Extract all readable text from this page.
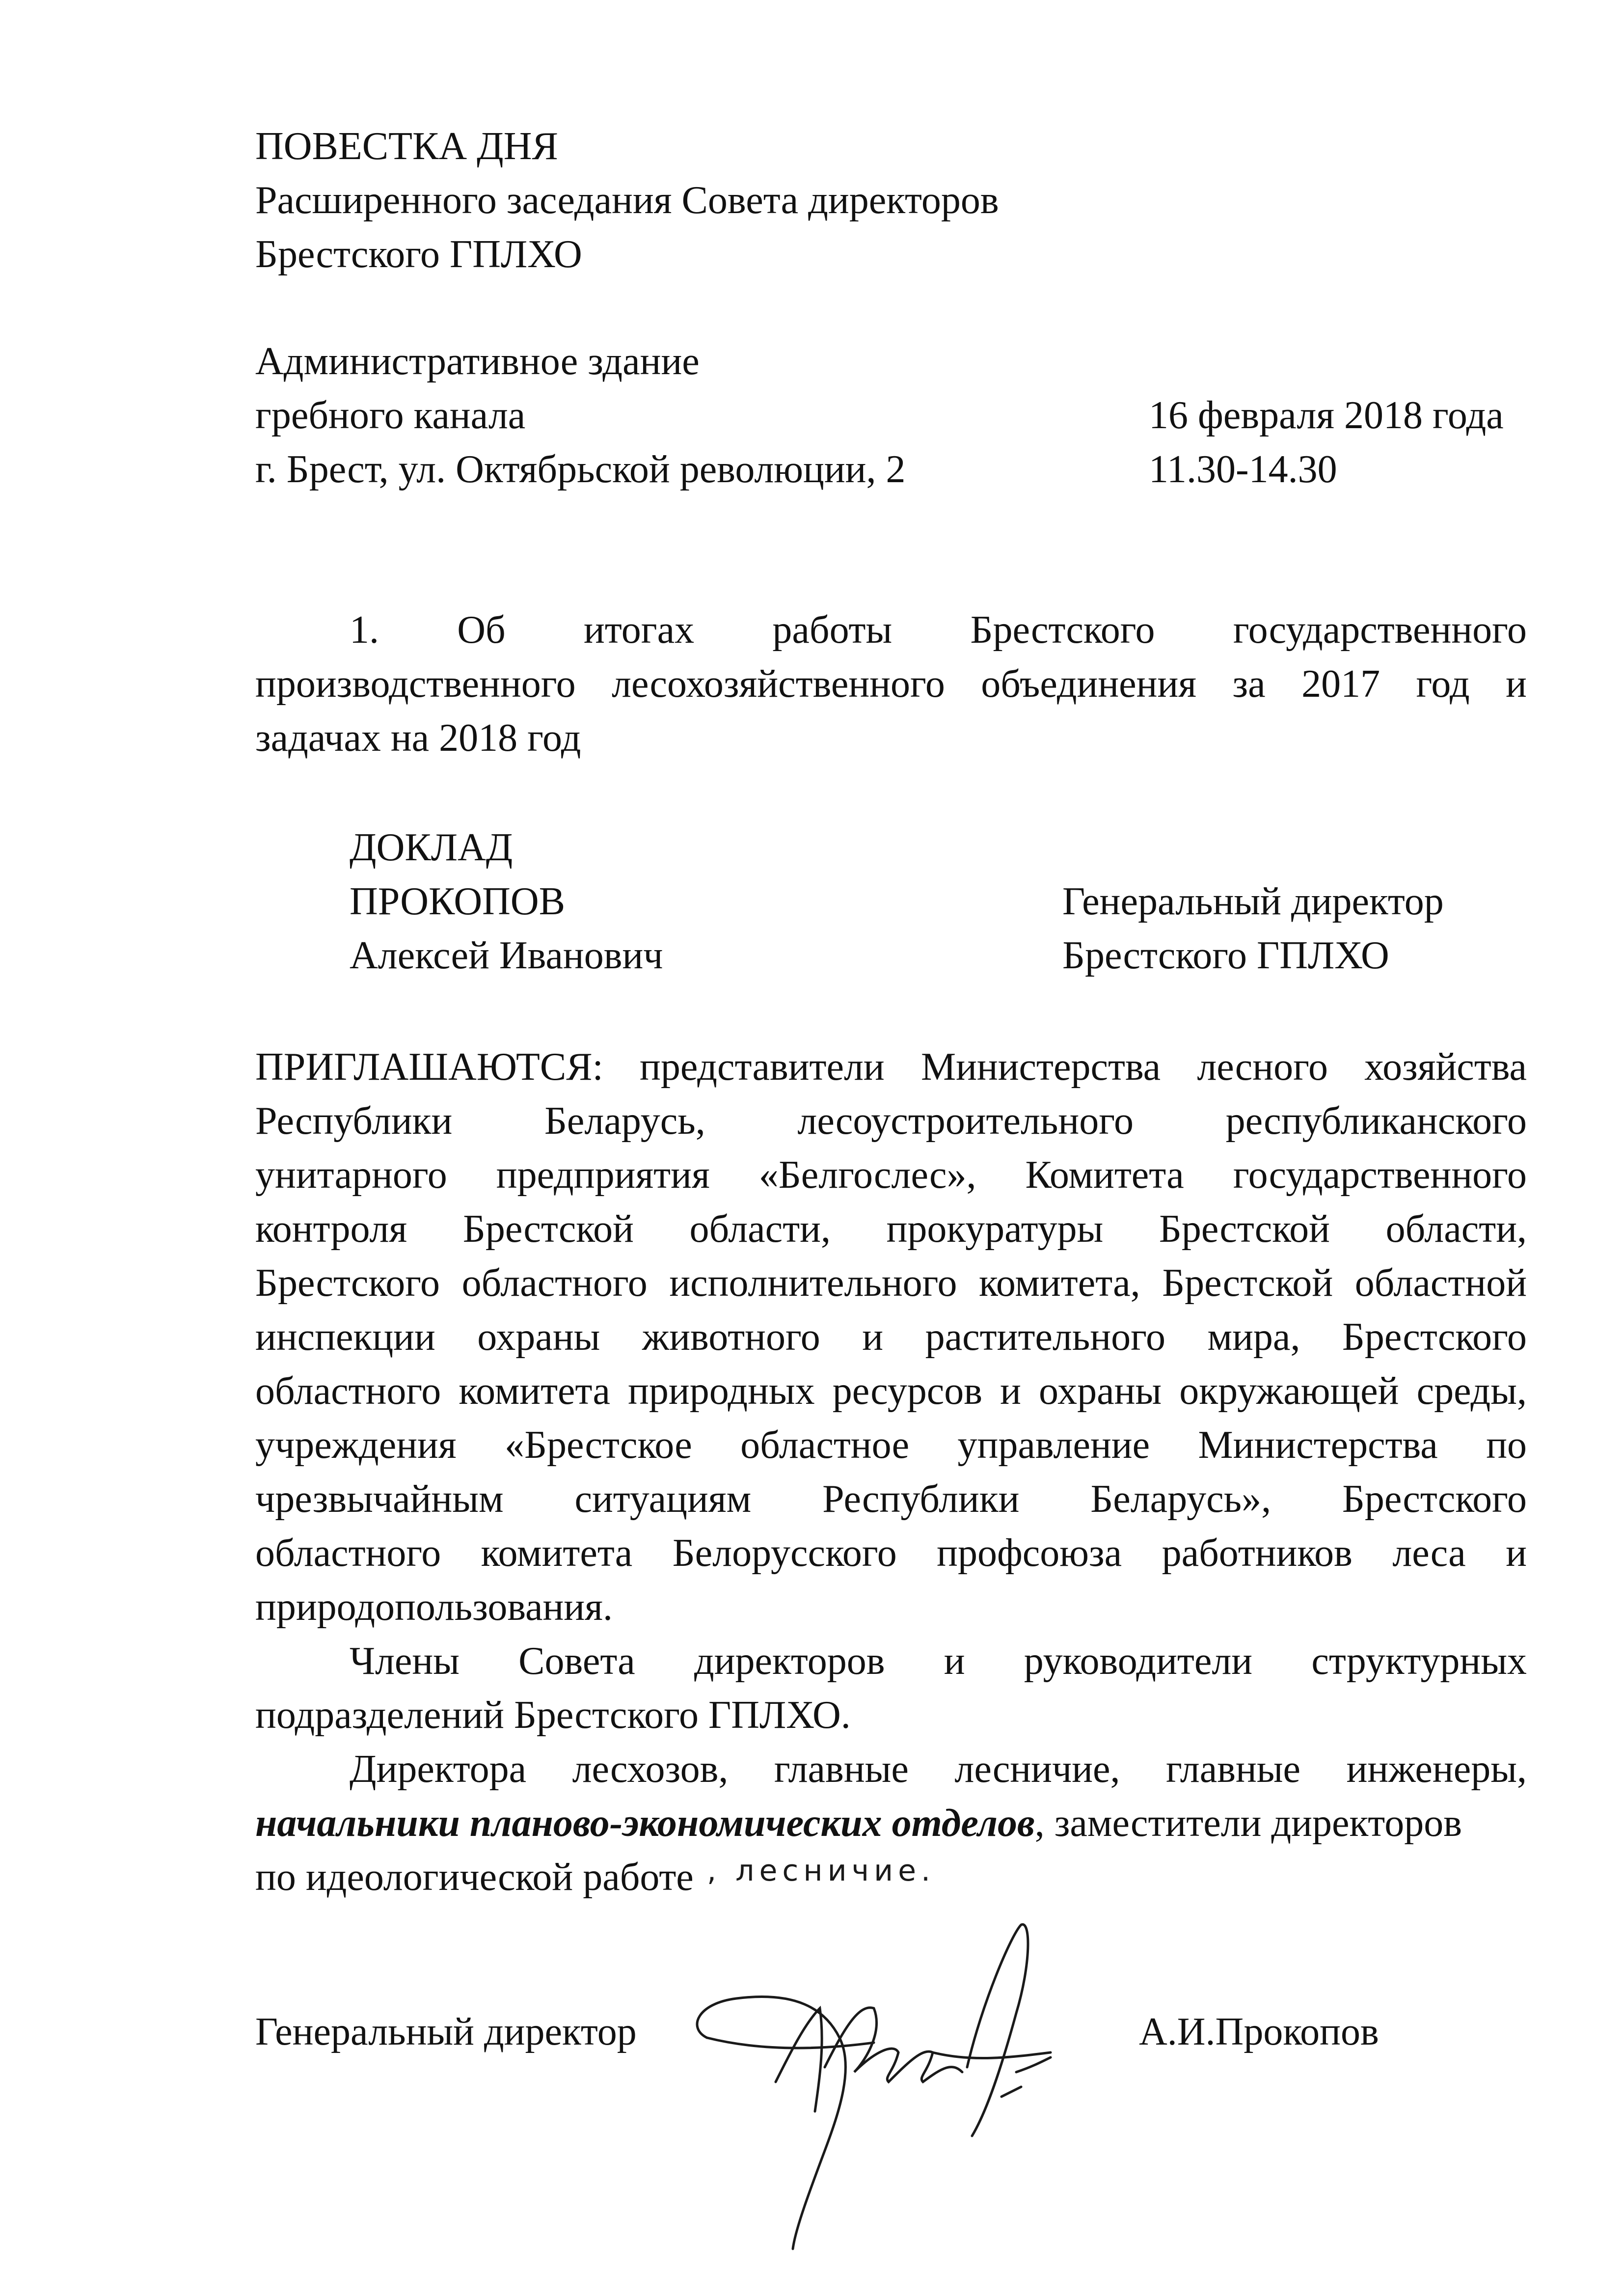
ПОВЕСТКА ДНЯ
Расширенного заседания Совета директоров
Брестского ГПЛХО
Административное здание
гребного канала
г. Брест, ул. Октябрьской революции, 2
16 февраля 2018 года
11.30-14.30
1. Об итогах работы Брестского государственного
производственного лесохозяйственного объединения за 2017 год и
задачах на 2018 год
ДОКЛАД
ПРОКОПОВ
Алексей Иванович
Генеральный директор
Брестского ГПЛХО
ПРИГЛАШАЮТСЯ: представители Министерства лесного хозяйства
Республики Беларусь, лесоустроительного республиканского
унитарного предприятия «Белгослес», Комитета государственного
контроля Брестской области, прокуратуры Брестской области,
Брестского областного исполнительного комитета, Брестской областной
инспекции охраны животного и растительного мира, Брестского
областного комитета природных ресурсов и охраны окружающей среды,
учреждения «Брестское областное управление Министерства по
чрезвычайным ситуациям Республики Беларусь», Брестского
областного комитета Белорусского профсоюза работников леса и
природопользования.
Члены Совета директоров и руководители структурных
подразделений Брестского ГПЛХО.
Директора лесхозов, главные лесничие, главные инженеры,
начальники планово-экономических отделов, заместители директоров
по идеологической работе , лесничие.
Генеральный директор	А.И.Прокопов
